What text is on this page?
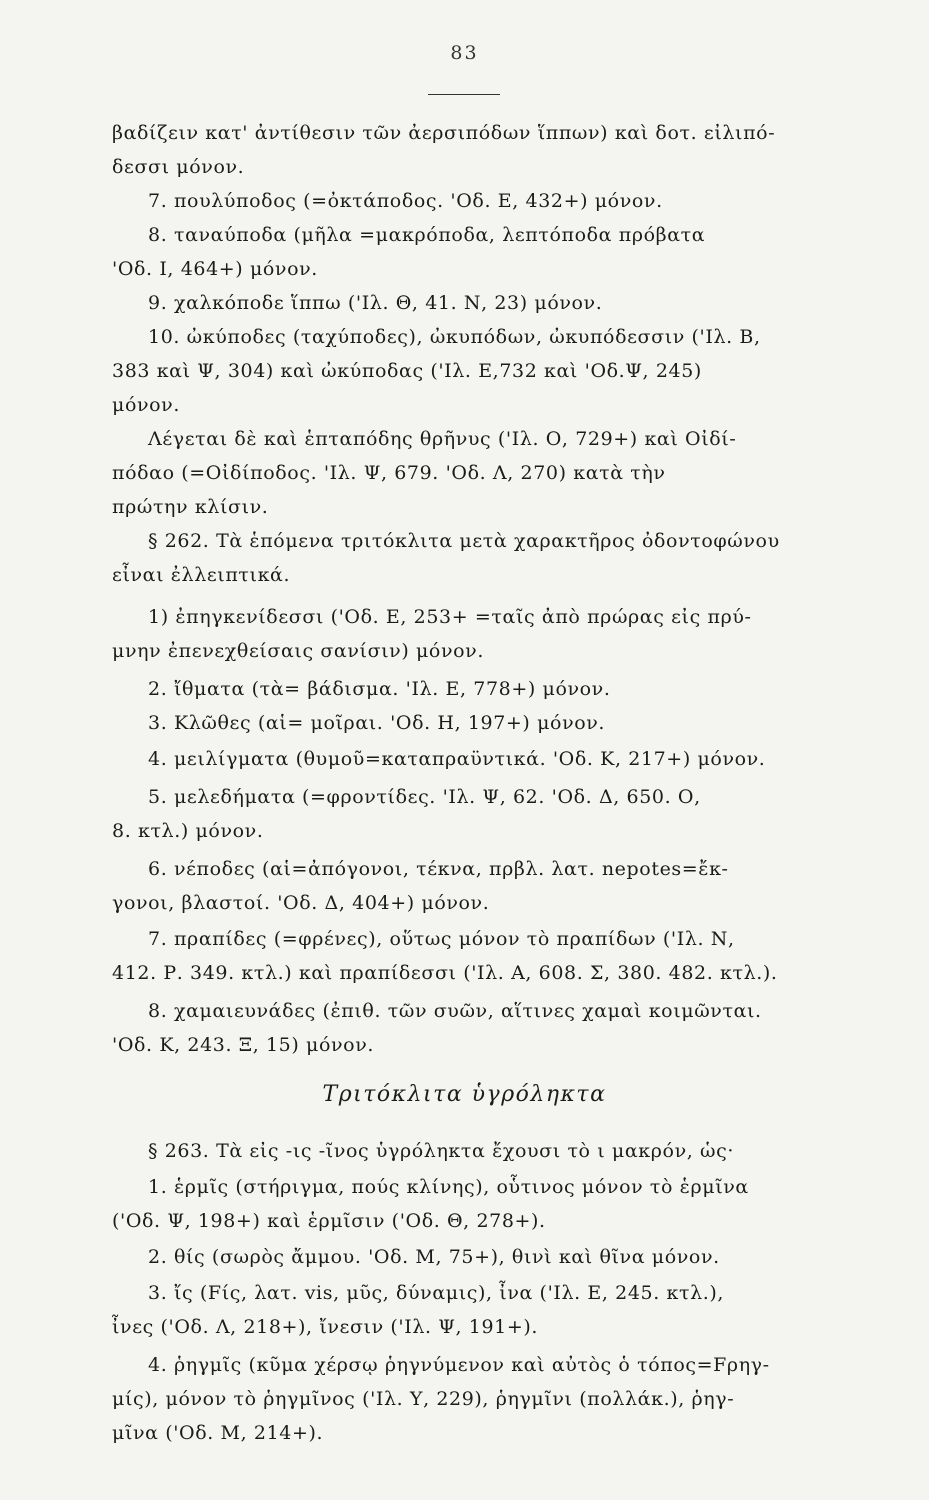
83
βαδίζειν κατ' ἀντίθεσιν τῶν ἀερσιπόδων ἵππων) καὶ δοτ. εἰλιπό-
δεσσι μόνον.
7. πουλύποδος (=ὀκτάποδος. 'Οδ. Ε, 432+) μόνον.
8. ταναύποδα (μῆλα =μακρόποδα, λεπτόποδα πρόβατα
'Οδ. Ι, 464+) μόνον.
9. χαλκόποδε ἵππω ('Ιλ. Θ, 41. Ν, 23) μόνον.
10. ὠκύποδες (ταχύποδες), ὠκυπόδων, ὠκυπόδεσσιν ('Ιλ. Β,
383 καὶ Ψ, 304) καὶ ὠκύποδας ('Ιλ. Ε,732 καὶ 'Οδ.Ψ, 245)
μόνον.
Λέγεται δὲ καὶ ἑπταπόδης θρῆνυς ('Ιλ. Ο, 729+) καὶ Οἰδί-
πόδαο (=Οἰδίποδος. 'Ιλ. Ψ, 679. 'Οδ. Λ, 270) κατὰ τὴν
πρώτην κλίσιν.
§ 262. Τὰ ἑπόμενα τριτόκλιτα μετὰ χαρακτῆρος ὀδοντοφώνου
εἶναι ἐλλειπτικά.
1) ἐπηγκενίδεσσι ('Οδ. Ε, 253+ =ταῖς ἀπὸ πρώρας εἰς πρύ-
μνην ἐπενεχθείσαις σανίσιν) μόνον.
2. ἴθματα (τὰ= βάδισμα. 'Ιλ. Ε, 778+) μόνον.
3. Κλῶθες (αἱ= μοῖραι. 'Οδ. Η, 197+) μόνον.
4. μειλίγματα (θυμοῦ=καταπραϋντικά. 'Οδ. Κ, 217+) μόνον.
5. μελεδήματα (=φροντίδες. 'Ιλ. Ψ, 62. 'Οδ. Δ, 650. Ο,
8. κτλ.) μόνον.
6. νέποδες (αἱ=ἀπόγονοι, τέκνα, πρβλ. λατ. nepotes=ἔκ-
γονοι, βλαστοί. 'Οδ. Δ, 404+) μόνον.
7. πραπίδες (=φρένες), οὕτως μόνον τὸ πραπίδων ('Ιλ. Ν,
412. Ρ. 349. κτλ.) καὶ πραπίδεσσι ('Ιλ. Α, 608. Σ, 380. 482. κτλ.).
8. χαμαιευνάδες (ἐπιθ. τῶν συῶν, αἵτινες χαμαὶ κοιμῶνται.
'Οδ. Κ, 243. Ξ, 15) μόνον.
Τριτόκλιτα ὑγρόληκτα
§ 263. Τὰ εἰς -ις -ῖνος ὑγρόληκτα ἔχουσι τὸ ι μακρόν, ὡς·
1. ἑρμῖς (στήριγμα, πούς κλίνης), οὗτινος μόνον τὸ ἑρμῖνα
('Οδ. Ψ, 198+) καὶ ἑρμῖσιν ('Οδ. Θ, 278+).
2. θίς (σωρὸς ἄμμου. 'Οδ. Μ, 75+), θινὶ καὶ θῖνα μόνον.
3. ἴς (Fίς, λατ. vis, μῦς, δύναμις), ἶνα ('Ιλ. Ε, 245. κτλ.),
ἶνες ('Οδ. Λ, 218+), ἴνεσιν ('Ιλ. Ψ, 191+).
4. ῥηγμῖς (κῦμα χέρσῳ ῥηγνύμενον καὶ αὐτὸς ὁ τόπος=Fρηγ-
μίς), μόνον τὸ ῥηγμῖνος ('Ιλ. Υ, 229), ῥηγμῖνι (πολλάκ.), ῥηγ-
μῖνα ('Οδ. Μ, 214+).
